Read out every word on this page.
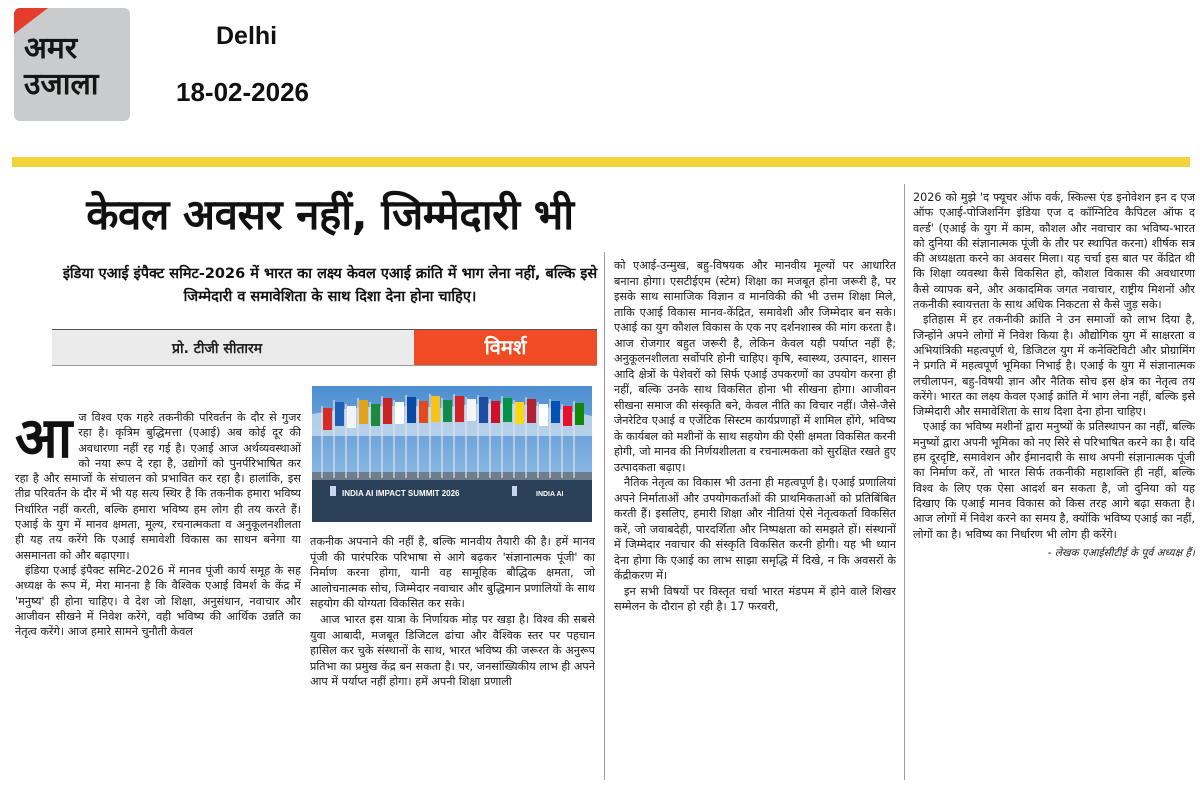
अमर
उजाला
Delhi
18-02-2026
केवल अवसर नहीं, जिम्मेदारी भी
इंडिया एआई इंपैक्ट समिट-2026 में भारत का लक्ष्य केवल एआई क्रांति में भाग लेना नहीं, बल्कि इसे जिम्मेदारी व समावेशिता के साथ दिशा देना होना चाहिए।
प्रो. टीजी सीतारम	विमर्श
INDIA AI IMPACT SUMMIT 2026	INDIA AI
आ ज विश्व एक गहरे तकनीकी परिवर्तन के दौर से गुजर रहा है। कृत्रिम बुद्धिमत्ता (एआई) अब कोई दूर की अवधारणा नहीं रह गई है। एआई आज अर्थव्यवस्थाओं को नया रूप दे रहा है, उद्योगों को पुनर्परिभाषित कर रहा है और समाजों के संचालन को प्रभावित कर रहा है। हालांकि, इस तीव्र परिवर्तन के दौर में भी यह सत्य स्थिर है कि तकनीक हमारा भविष्य निर्धारित नहीं करती, बल्कि हमारा भविष्य हम लोग ही तय करते हैं। एआई के युग में मानव क्षमता, मूल्य, रचनात्मकता व अनुकूलनशीलता ही यह तय करेंगे कि एआई समावेशी विकास का साधन बनेगा या असमानता को और बढ़ाएगा।

इंडिया एआई इंपैक्ट समिट-2026 में मानव पूंजी कार्य समूह के सह अध्यक्ष के रूप में, मेरा मानना है कि वैश्विक एआई विमर्श के केंद्र में 'मनुष्य' ही होना चाहिए। वे देश जो शिक्षा, अनुसंधान, नवाचार और आजीवन सीखने में निवेश करेंगे, वही भविष्य की आर्थिक उन्नति का नेतृत्व करेंगे। आज हमारे सामने चुनौती केवल

तकनीक अपनाने की नहीं है, बल्कि मानवीय तैयारी की है। हमें मानव पूंजी की पारंपरिक परिभाषा से आगे बढ़कर 'संज्ञानात्मक पूंजी' का निर्माण करना होगा, यानी वह सामूहिक बौद्धिक क्षमता, जो आलोचनात्मक सोच, जिम्मेदार नवाचार और बुद्धिमान प्रणालियों के साथ सहयोग की योग्यता विकसित कर सके।

आज भारत इस यात्रा के निर्णायक मोड़ पर खड़ा है। विश्व की सबसे युवा आबादी, मजबूत डिजिटल ढांचा और वैश्विक स्तर पर पहचान हासिल कर चुके संस्थानों के साथ, भारत भविष्य की जरूरत के अनुरूप प्रतिभा का प्रमुख केंद्र बन सकता है। पर, जनसांख्यिकीय लाभ ही अपने आप में पर्याप्त नहीं होगा। हमें अपनी शिक्षा प्रणाली

को एआई-उन्मुख, बहु-विषयक और मानवीय मूल्यों पर आधारित बनाना होगा। एसटीईएम (स्टेम) शिक्षा का मजबूत होना जरूरी है, पर इसके साथ सामाजिक विज्ञान व मानविकी की भी उत्तम शिक्षा मिले, ताकि एआई विकास मानव-केंद्रित, समावेशी और जिम्मेदार बन सके। एआई का युग कौशल विकास के एक नए दर्शनशास्त्र की मांग करता है। आज रोजगार बहुत जरूरी है, लेकिन केवल यही पर्याप्त नहीं है; अनुकूलनशीलता सर्वोपरि होनी चाहिए। कृषि, स्वास्थ्य, उत्पादन, शासन आदि क्षेत्रों के पेशेवरों को सिर्फ एआई उपकरणों का उपयोग करना ही नहीं, बल्कि उनके साथ विकसित होना भी सीखना होगा। आजीवन सीखना समाज की संस्कृति बने, केवल नीति का विचार नहीं। जैसे-जैसे जेनरेटिव एआई व एजेंटिक सिस्टम कार्यप्रणाहों में शामिल होंगे, भविष्य के कार्यबल को मशीनों के साथ सहयोग की ऐसी क्षमता विकसित करनी होगी, जो मानव की निर्णयशीलता व रचनात्मकता को सुरक्षित रखते हुए उत्पादकता बढ़ाए।

नैतिक नेतृत्व का विकास भी उतना ही महत्वपूर्ण है। एआई प्रणालियां अपने निर्माताओं और उपयोगकर्ताओं की प्राथमिकताओं को प्रतिबिंबित करती हैं। इसलिए, हमारी शिक्षा और नीतियां ऐसे नेतृत्वकर्ता विकसित करें, जो जवाबदेही, पारदर्शिता और निष्पक्षता को समझते हों। संस्थानों में जिम्मेदार नवाचार की संस्कृति विकसित करनी होगी। यह भी ध्यान देना होगा कि एआई का लाभ साझा समृद्धि में दिखे, न कि अवसरों के केंद्रीकरण में।

इन सभी विषयों पर विस्तृत चर्चा भारत मंडपम में होने वाले शिखर सम्मेलन के दौरान हो रही है। 17 फरवरी,

2026 को मुझे 'द फ्यूचर ऑफ वर्क, स्किल्स एंड इनोवेशन इन द एज ऑफ एआई-पोजिशनिंग इंडिया एज द कॉग्निटिव कैपिटल ऑफ द वर्ल्ड' (एआई के युग में काम, कौशल और नवाचार का भविष्य-भारत को दुनिया की संज्ञानात्मक पूंजी के तौर पर स्थापित करना) शीर्षक सत्र की अध्यक्षता करने का अवसर मिला। यह चर्चा इस बात पर केंद्रित थी कि शिक्षा व्यवस्था कैसे विकसित हो, कौशल विकास की अवधारणा कैसे व्यापक बने, और अकादमिक जगत नवाचार, राष्ट्रीय मिशनों और तकनीकी स्वायत्तता के साथ अधिक निकटता से कैसे जुड़ सके।

इतिहास में हर तकनीकी क्रांति ने उन समाजों को लाभ दिया है, जिन्होंने अपने लोगों में निवेश किया है। औद्योगिक युग में साक्षरता व अभियांत्रिकी महत्वपूर्ण थे, डिजिटल युग में कनेक्टिविटी और प्रोग्रामिंग ने प्रगति में महत्वपूर्ण भूमिका निभाई है। एआई के युग में संज्ञानात्मक लचीलापन, बहु-विषयी ज्ञान और नैतिक सोच इस क्षेत्र का नेतृत्व तय करेंगे। भारत का लक्ष्य केवल एआई क्रांति में भाग लेना नहीं, बल्कि इसे जिम्मेदारी और समावेशिता के साथ दिशा देना होना चाहिए।

एआई का भविष्य मशीनों द्वारा मनुष्यों के प्रतिस्थापन का नहीं, बल्कि मनुष्यों द्वारा अपनी भूमिका को नए सिरे से परिभाषित करने का है। यदि हम दूरदृष्टि, समावेशन और ईमानदारी के साथ अपनी संज्ञानात्मक पूंजी का निर्माण करें, तो भारत सिर्फ तकनीकी महाशक्ति ही नहीं, बल्कि विश्व के लिए एक ऐसा आदर्श बन सकता है, जो दुनिया को यह दिखाए कि एआई मानव विकास को किस तरह आगे बढ़ा सकता है। आज लोगों में निवेश करने का समय है, क्योंकि भविष्य एआई का नहीं, लोगों का है। भविष्य का निर्धारण भी लोग ही करेंगे।

- लेखक एआईसीटीई के पूर्व अध्यक्ष हैं।
